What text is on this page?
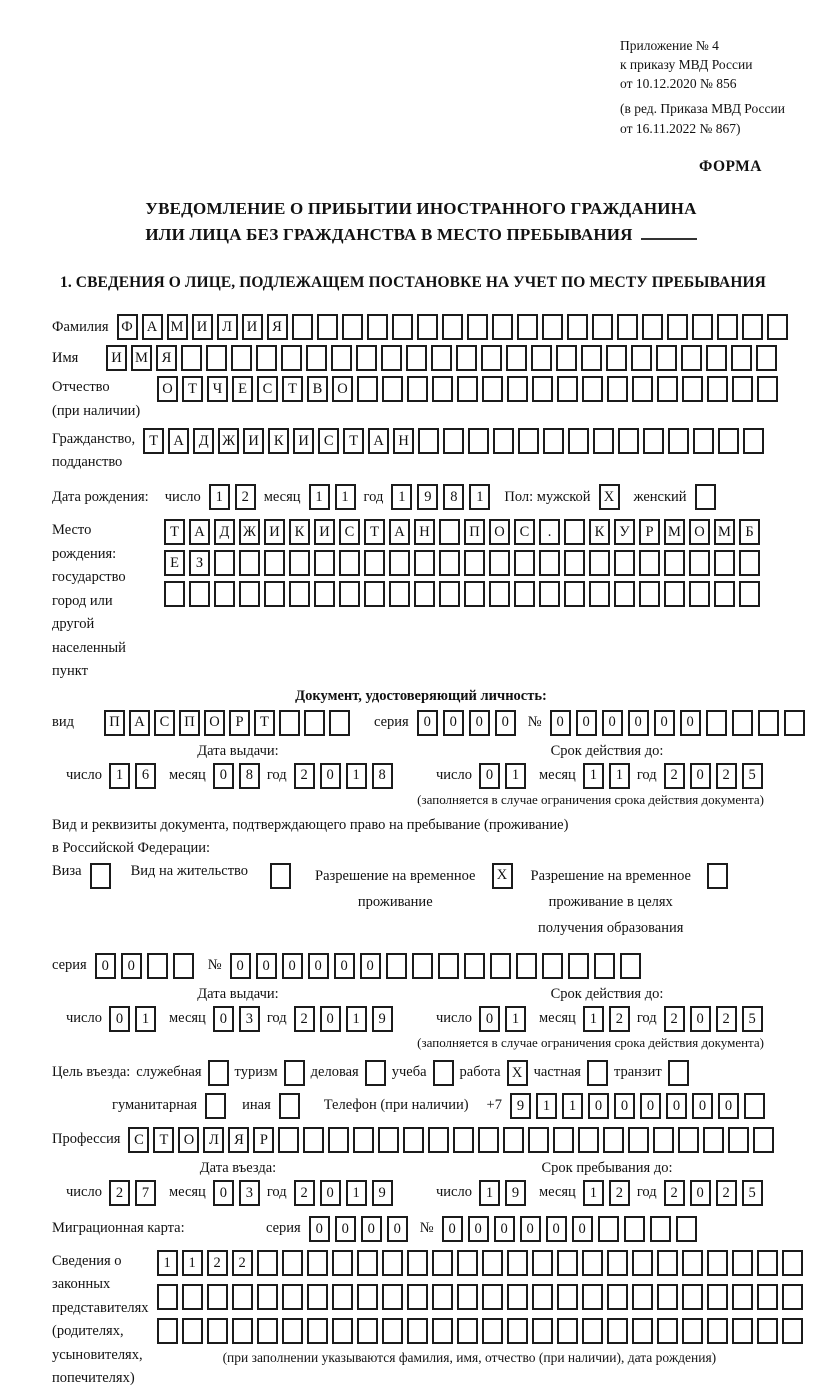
Приложение № 4
к приказу МВД России
от 10.12.2020 № 856
(в ред. Приказа МВД России
от 16.11.2022 № 867)
ФОРМА
УВЕДОМЛЕНИЕ О ПРИБЫТИИ ИНОСТРАННОГО ГРАЖДАНИНА
ИЛИ ЛИЦА БЕЗ ГРАЖДАНСТВА В МЕСТО ПРЕБЫВАНИЯ
1. СВЕДЕНИЯ О ЛИЦЕ, ПОДЛЕЖАЩЕМ ПОСТАНОВКЕ НА УЧЕТ ПО МЕСТУ ПРЕБЫВАНИЯ
Фамилия Ф А М И	Л	И	Я
Имя	И М Я
Отчество
(при наличии)
О	Т	Ч	Е	С	Т	В	О
Гражданство,
подданство
Т	А	Д Ж И	К	И	С	Т	А	Н
Дата рождения: число	1	2	месяц	1	1	год	1	9	8	1	Пол: мужской X	женский
Место рождения:
государство
город или другой
населенный пункт
Т	А	Д Ж И	К	И	С	Т	А	Н	П	О	С	.	К	У	Р	М О М Б
Е	З
Документ, удостоверяющий личность:
вид	П	А	С	П	О	Р	Т	серия	0	0	0	0	№	0	0	0	0	0	0
Дата выдачи:	Срок действия до:
число 1	6	месяц 0	8 год 2	0	1	8	число 0	1	месяц 1	1 год 2	0	2	5
(заполняется в случае ограничения срока действия документа)
Вид и реквизиты документа, подтверждающего право на пребывание (проживание)
в Российской Федерации:
Виза	Вид на жительство	Разрешение на временное
проживание
X	Разрешение на временное
проживание в целях
получения образования
серия	0	0	№	0	0	0	0	0	0
Дата выдачи:	Срок действия до:
число 0	1	месяц 0	3 год 2	0	1	9	число 0	1	месяц 1	2 год 2	0	2	5
(заполняется в случае ограничения срока действия документа)
Цель въезда: служебная туризм деловая учеба работа X частная транзит
гуманитарная	иная	Телефон (при наличии) +7	9	1	1	0	0	0	0	0	0
Профессия С	Т	О	Л	Я	Р
Дата въезда:	Срок пребывания до:
число 2	7	месяц 0	3 год 2	0	1	9	число 1	9	месяц 1	2 год 2	0	2	5
Миграционная карта:	серия	0	0	0	0	№	0	0	0	0	0	0
Сведения о
законных
представителях
(родителях,
усыновителях,
попечителях)
1	1	2	2
(при заполнении указываются фамилия, имя, отчество (при наличии), дата рождения)
